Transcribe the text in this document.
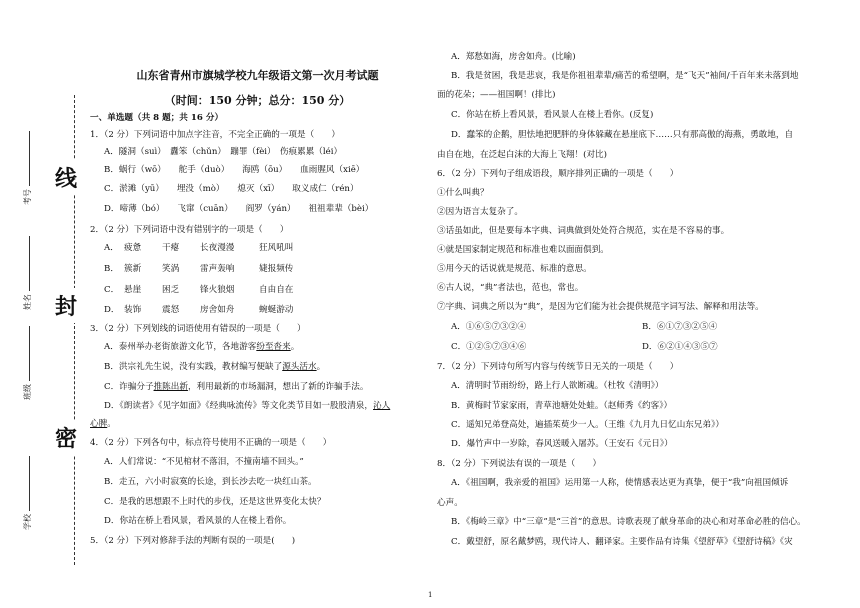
线
封
密
考号
姓名
班级
学校
山东省青州市旗城学校九年级语文第一次月考试题
（时间：150 分钟；总分：150 分）
一、单选题（共 8 题；共 16 分）
1．（2 分）下列词语中加点字注音，不完全正确的一项是（　　）
A．隧洞（suì）　纛笨（chǔn）　蹦罪（fèi）　伤痕累累（léi）
B．蜗行（wō）　　舵手（duò）　　海鸥（ōu）　　血雨腥风（xiē）
C．淤滩（yū）　　埋没（mò）　　熄灭（xī）　　取义成仁（rén）
D．啼薄（bó）　　飞窜（cuān）　　阎罗（yán）　　祖祖辈辈（bèi）
2．（2 分）下列词语中没有错别字的一项是（　　）
A． 疲惫 干瘪 长夜漫漫	狂风吼叫
B． 簇新 笑涡 雷声轰响	婕报频传
C． 悬崖 困乏 锋火狼烟	自由自在
D． 装饰 震怒 房舍如舟	蜿蜒游动
3．（2 分）下列划线的词语使用有错误的一项是（　　）
A．泰州举办老街旅游文化节，各地游客纷至沓来。
B．洪宗礼先生说，没有实践，教材编写便缺了源头活水。
C．诈骗分子推陈出新，利用最新的市场漏洞，想出了新的诈骗手法。
D．《朗读者》《见字如面》《经典咏流传》等文化类节目如一股股清泉，沁人
心脾。
4．（2 分）下列各句中，标点符号使用不正确的一项是（　　）
A．人们常说：“不见棺材不落泪，不撞南墙不回头。”
B．走五，六小时寂寞的长途，到长沙去吃一块红山茶。
C．是我的思想跟不上时代的步伐，还是这世界变化太快？
D．你站在桥上看风景，看风景的人在楼上看你。
5．（2 分）下列对修辞手法的判断有误的一项是(　　)
A．郑愁如海，房舍如舟。(比喻)
B．我是贫困，我是悲哀，我是你祖祖辈辈/痛苦的希望啊，是“飞天”袖间/千百年来未落到地
面的花朵；——祖国啊！(排比)
C．你站在桥上看风景，看风景人在楼上看你。(反复)
D．蠢笨的企鹅，胆怯地把肥胖的身体躲藏在悬崖底下……只有那高傲的海燕，勇敢地，自
由自在地，在泛起白沫的大海上飞翔！(对比)
6．（2 分）下列句子组成语段，顺序排列正确的一项是（　　）
①什么叫典？
②因为语言太复杂了。
③话虽如此，但是要每本字典、词典做到处处符合规范，实在是不容易的事。
④就是国家制定规范和标准也难以面面俱到。
⑤用今天的话说就是规范、标准的意思。
⑥古人说，“典”者法也，范也，常也。
⑦字典、词典之所以为“典”，是因为它们能为社会提供规范字词写法、解释和用法等。
A．①⑥⑤⑦③②④	B．⑥①⑦③②⑤④
C．①②⑤⑦③④⑥	D．⑥②①④③⑤⑦
7．（2 分）下列诗句所写内容与传统节日无关的一项是（　　）
A．清明时节雨纷纷，路上行人欲断魂。（杜牧《清明》）
B．黄梅时节家家雨，青草池塘处处蛙。（赵师秀《约客》）
C．遥知兄弟登高处，遍插茱萸少一人。（王维《九月九日忆山东兄弟》）
D．爆竹声中一岁除，春风送暖入屠苏。（王安石《元日》）
8．（2 分）下列说法有误的一项是（　　）
A．《祖国啊，我亲爱的祖国》运用第一人称，使情感表达更为真挚，便于“我”向祖国倾诉
心声。
B．《梅岭三章》中“三章”是“三首”的意思。诗歌表现了献身革命的决心和对革命必胜的信心。
C．戴望舒，原名戴梦鸥，现代诗人、翻译家。主要作品有诗集《望舒草》《望舒诗稿》《灾
1
